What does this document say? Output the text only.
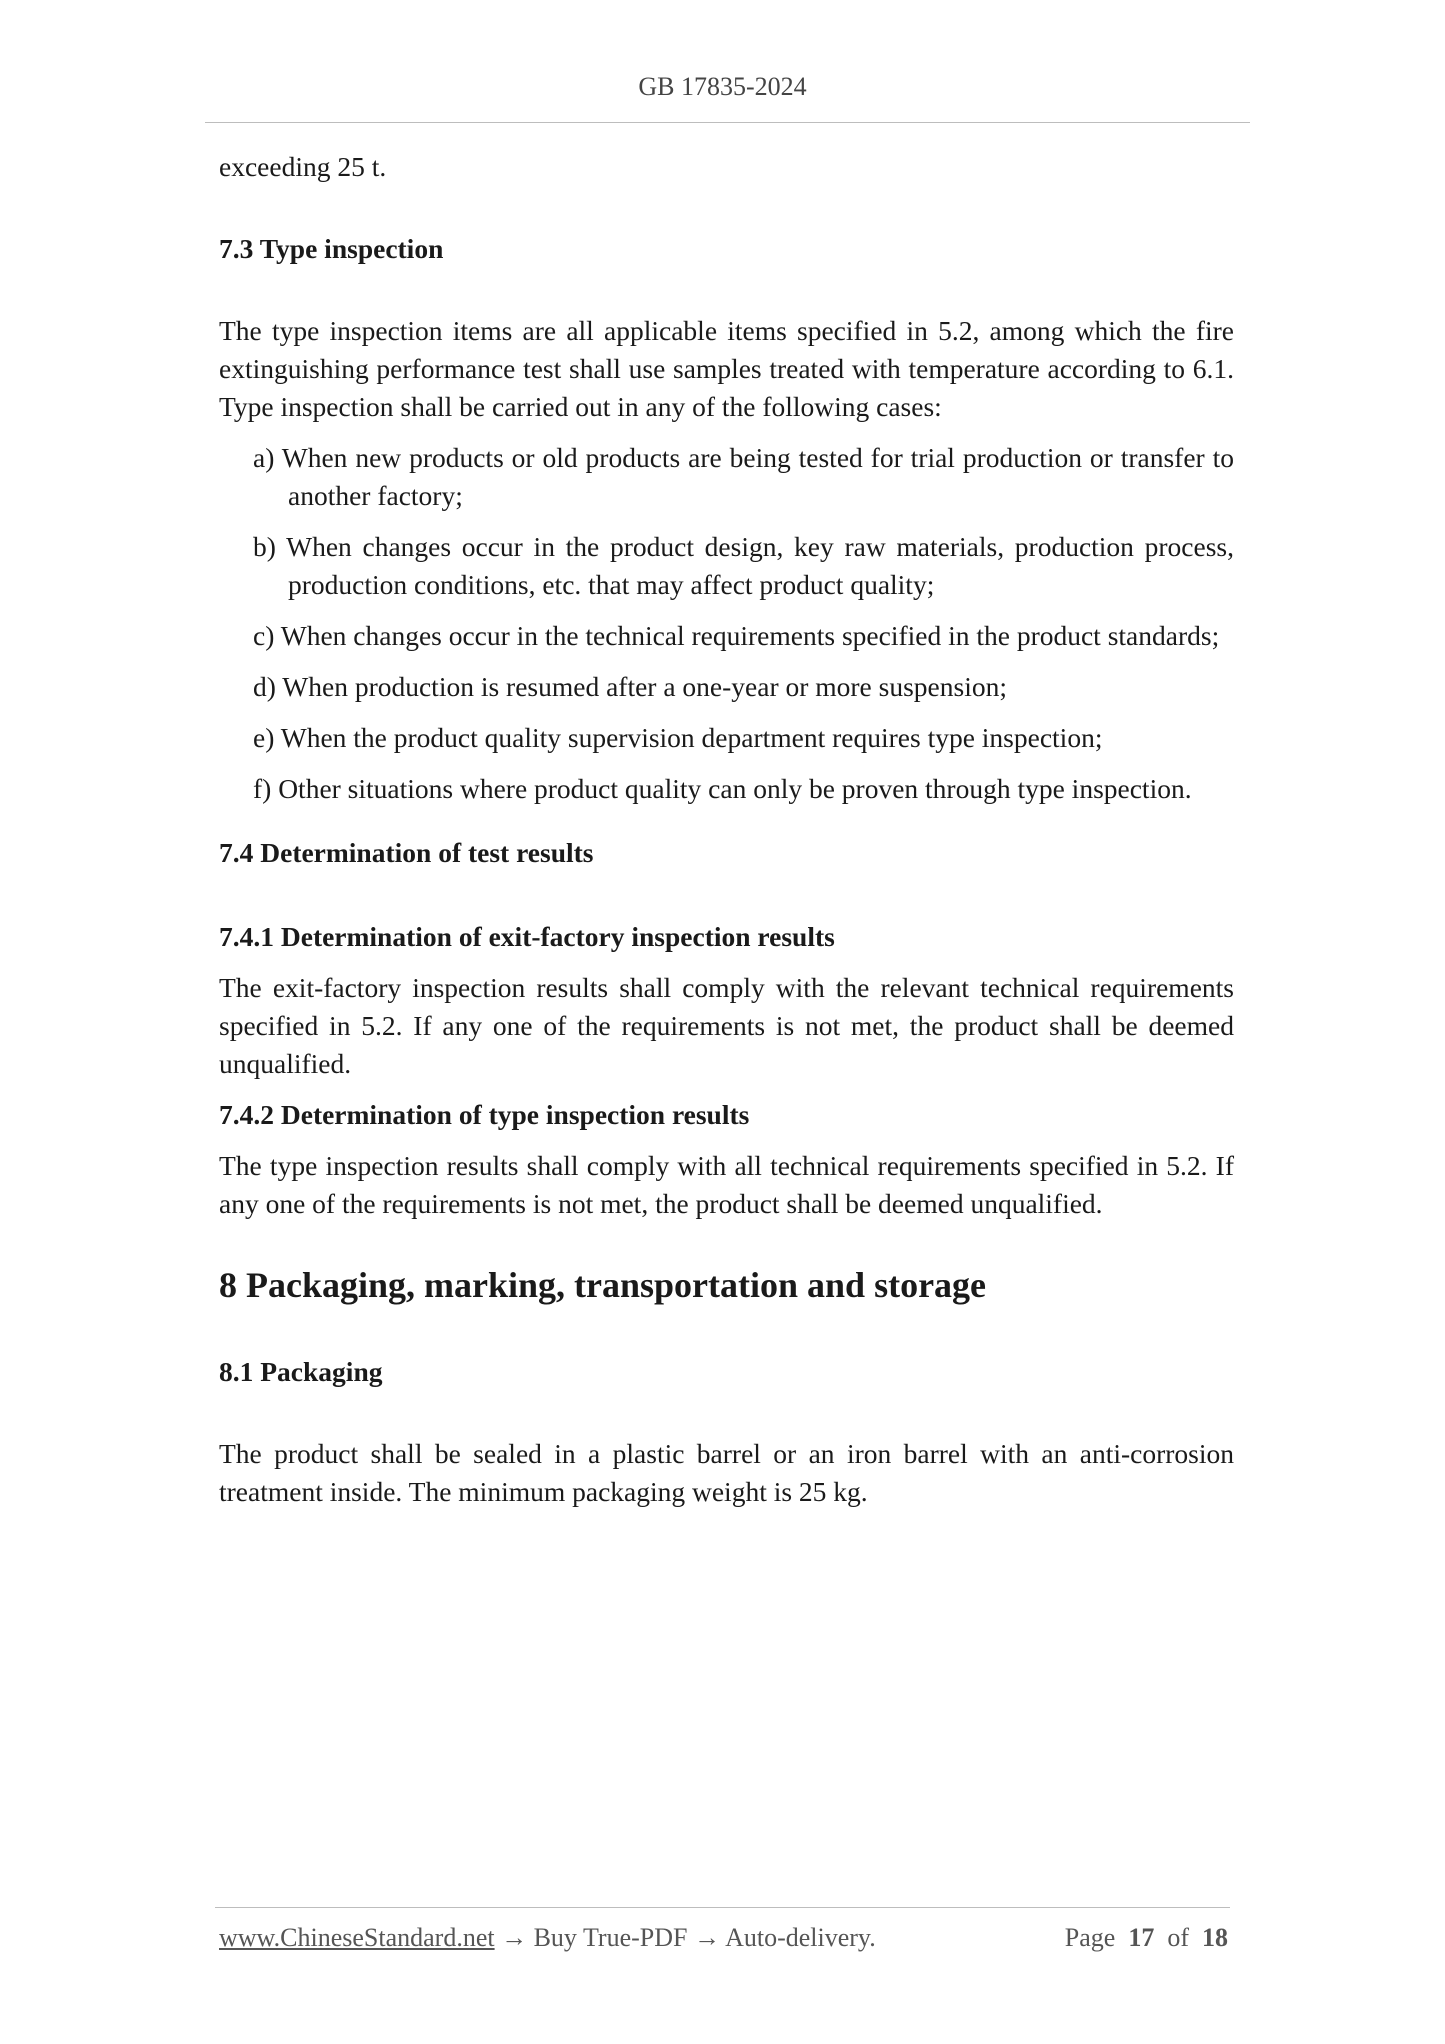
GB 17835-2024

exceeding 25 t.

7.3 Type inspection

The type inspection items are all applicable items specified in 5.2, among which the fire extinguishing performance test shall use samples treated with temperature according to 6.1. Type inspection shall be carried out in any of the following cases:

a) When new products or old products are being tested for trial production or transfer to another factory;
b) When changes occur in the product design, key raw materials, production process, production conditions, etc. that may affect product quality;
c) When changes occur in the technical requirements specified in the product standards;
d) When production is resumed after a one-year or more suspension;
e) When the product quality supervision department requires type inspection;
f) Other situations where product quality can only be proven through type inspection.
7.4 Determination of test results
7.4.1 Determination of exit-factory inspection results

The exit-factory inspection results shall comply with the relevant technical requirements specified in 5.2. If any one of the requirements is not met, the product shall be deemed unqualified.

7.4.2 Determination of type inspection results

The type inspection results shall comply with all technical requirements specified in 5.2. If any one of the requirements is not met, the product shall be deemed unqualified.

8 Packaging, marking, transportation and storage
8.1 Packaging

The product shall be sealed in a plastic barrel or an iron barrel with an anti-corrosion treatment inside. The minimum packaging weight is 25 kg.

www.ChineseStandard.net → Buy True-PDF → Auto-delivery.	Page 17 of 18
